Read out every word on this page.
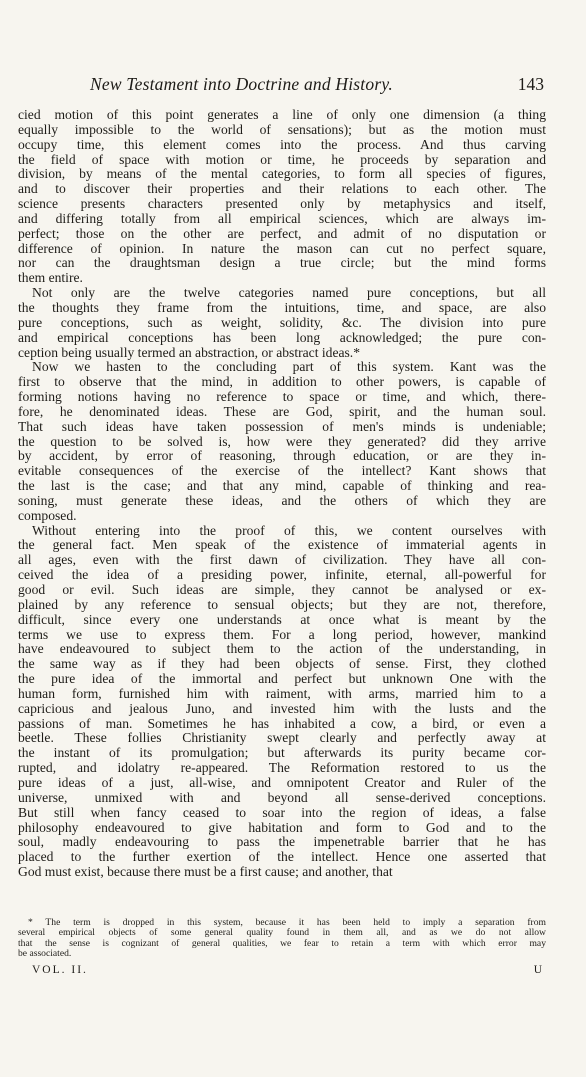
New Testament into Doctrine and History.	143
cied motion of this point generates a line of only one dimension (a thing
equally impossible to the world of sensations); but as the motion must
occupy time, this element comes into the process. And thus carving
the field of space with motion or time, he proceeds by separation and
division, by means of the mental categories, to form all species of figures,
and to discover their properties and their relations to each other. The
science presents characters presented only by metaphysics and itself,
and differing totally from all empirical sciences, which are always im-
perfect; those on the other are perfect, and admit of no disputation or
difference of opinion. In nature the mason can cut no perfect square,
nor can the draughtsman design a true circle; but the mind forms
them entire.
Not only are the twelve categories named pure conceptions, but all
the thoughts they frame from the intuitions, time, and space, are also
pure conceptions, such as weight, solidity, &c. The division into pure
and empirical conceptions has been long acknowledged; the pure con-
ception being usually termed an abstraction, or abstract ideas.*
Now we hasten to the concluding part of this system. Kant was the
first to observe that the mind, in addition to other powers, is capable of
forming notions having no reference to space or time, and which, there-
fore, he denominated ideas. These are God, spirit, and the human soul.
That such ideas have taken possession of men's minds is undeniable;
the question to be solved is, how were they generated? did they arrive
by accident, by error of reasoning, through education, or are they in-
evitable consequences of the exercise of the intellect? Kant shows that
the last is the case; and that any mind, capable of thinking and rea-
soning, must generate these ideas, and the others of which they are
composed.
Without entering into the proof of this, we content ourselves with
the general fact. Men speak of the existence of immaterial agents in
all ages, even with the first dawn of civilization. They have all con-
ceived the idea of a presiding power, infinite, eternal, all-powerful for
good or evil. Such ideas are simple, they cannot be analysed or ex-
plained by any reference to sensual objects; but they are not, therefore,
difficult, since every one understands at once what is meant by the
terms we use to express them. For a long period, however, mankind
have endeavoured to subject them to the action of the understanding, in
the same way as if they had been objects of sense. First, they clothed
the pure idea of the immortal and perfect but unknown One with the
human form, furnished him with raiment, with arms, married him to a
capricious and jealous Juno, and invested him with the lusts and the
passions of man. Sometimes he has inhabited a cow, a bird, or even a
beetle. These follies Christianity swept clearly and perfectly away at
the instant of its promulgation; but afterwards its purity became cor-
rupted, and idolatry re-appeared. The Reformation restored to us the
pure ideas of a just, all-wise, and omnipotent Creator and Ruler of the
universe, unmixed with and beyond all sense-derived conceptions.
But still when fancy ceased to soar into the region of ideas, a false
philosophy endeavoured to give habitation and form to God and to the
soul, madly endeavouring to pass the impenetrable barrier that he has
placed to the further exertion of the intellect. Hence one asserted that
God must exist, because there must be a first cause; and another, that
* The term is dropped in this system, because it has been held to imply a separation from
several empirical objects of some general quality found in them all, and as we do not allow
that the sense is cognizant of general qualities, we fear to retain a term with which error may
be associated.
VOL. II.	U
